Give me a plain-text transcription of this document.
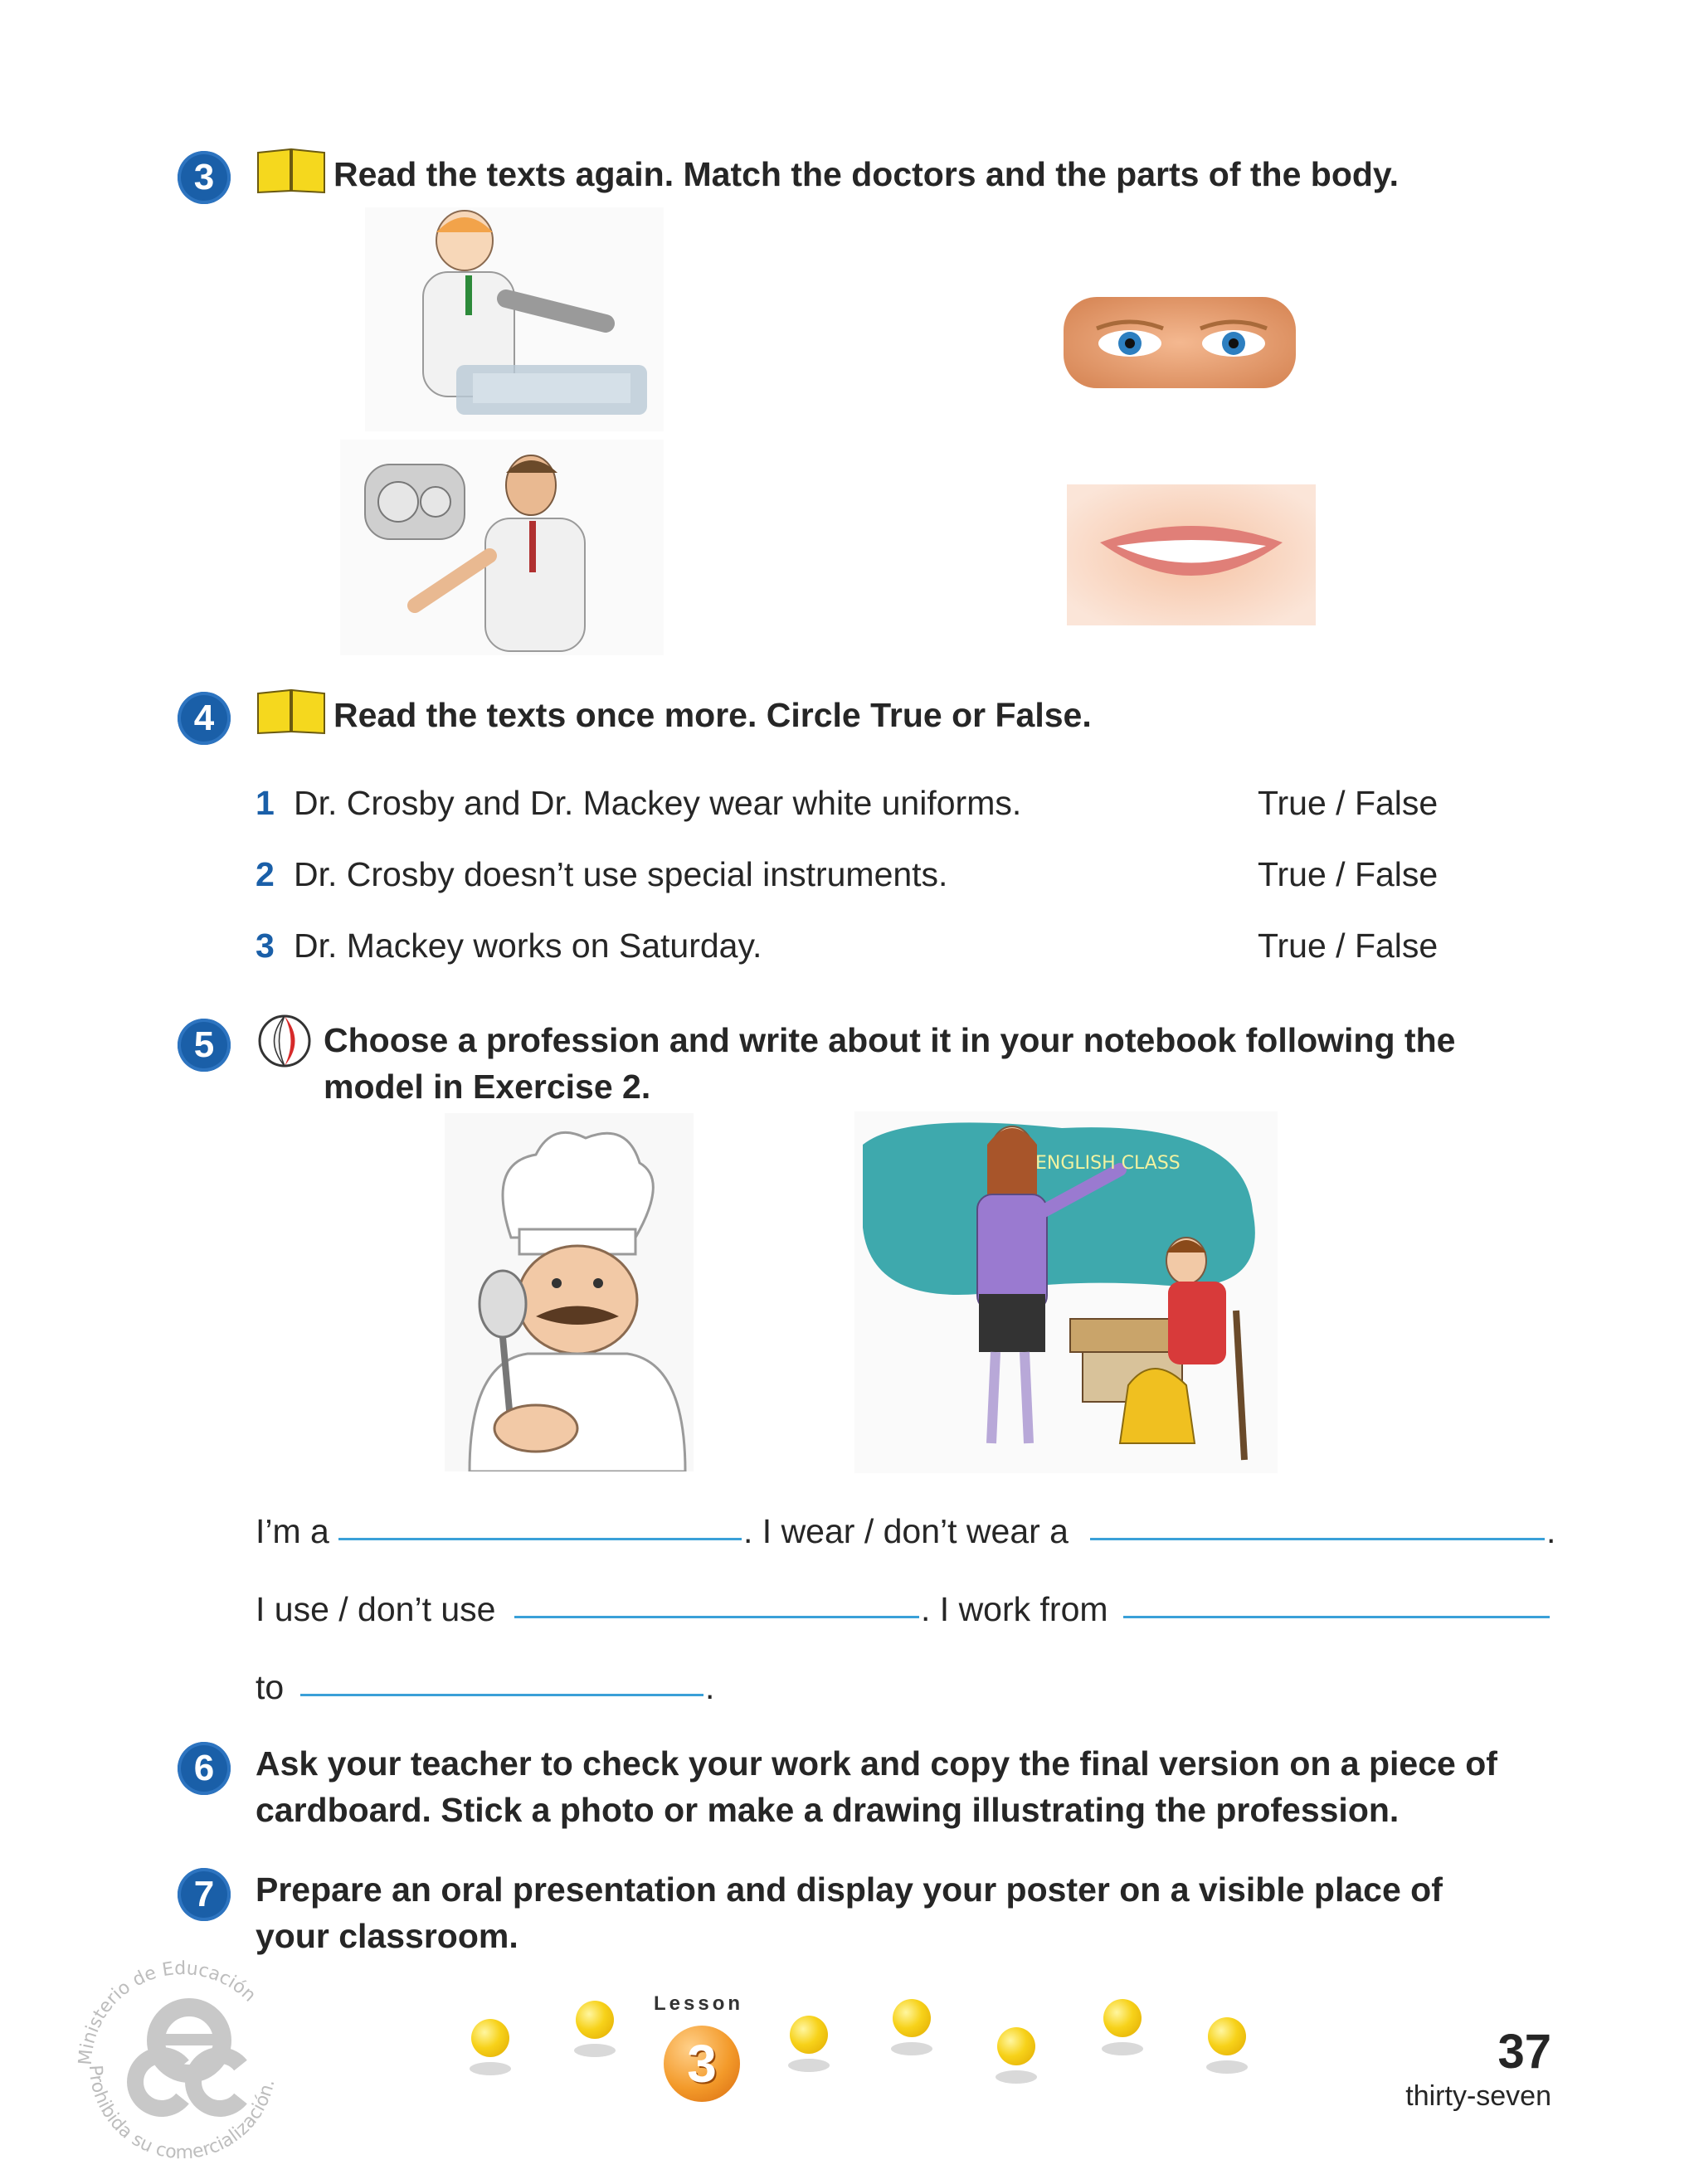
3	Read the texts again. Match the doctors and the parts of the body.
4	Read the texts once more. Circle True or False.
1 Dr. Crosby and Dr. Mackey wear white uniforms.	True / False
2 Dr. Crosby doesn’t use special instruments.	True / False
3 Dr. Mackey works on Saturday.	True / False
5	Choose a profession and write about it in your notebook following the
model in Exercise 2.
ENGLISH CLASS
I’m a	. I wear / don’t wear a	.
I use / don’t use	. I work from
to	.
6	Ask your teacher to check your work and copy the final version on a piece of
cardboard. Stick a photo or make a drawing illustrating the profession.
7	Prepare an oral presentation and display your poster on a visible place of
your classroom.
Ministerio de Educación
Prohibida su comercialización.
Lesson
3	37
thirty-seven
